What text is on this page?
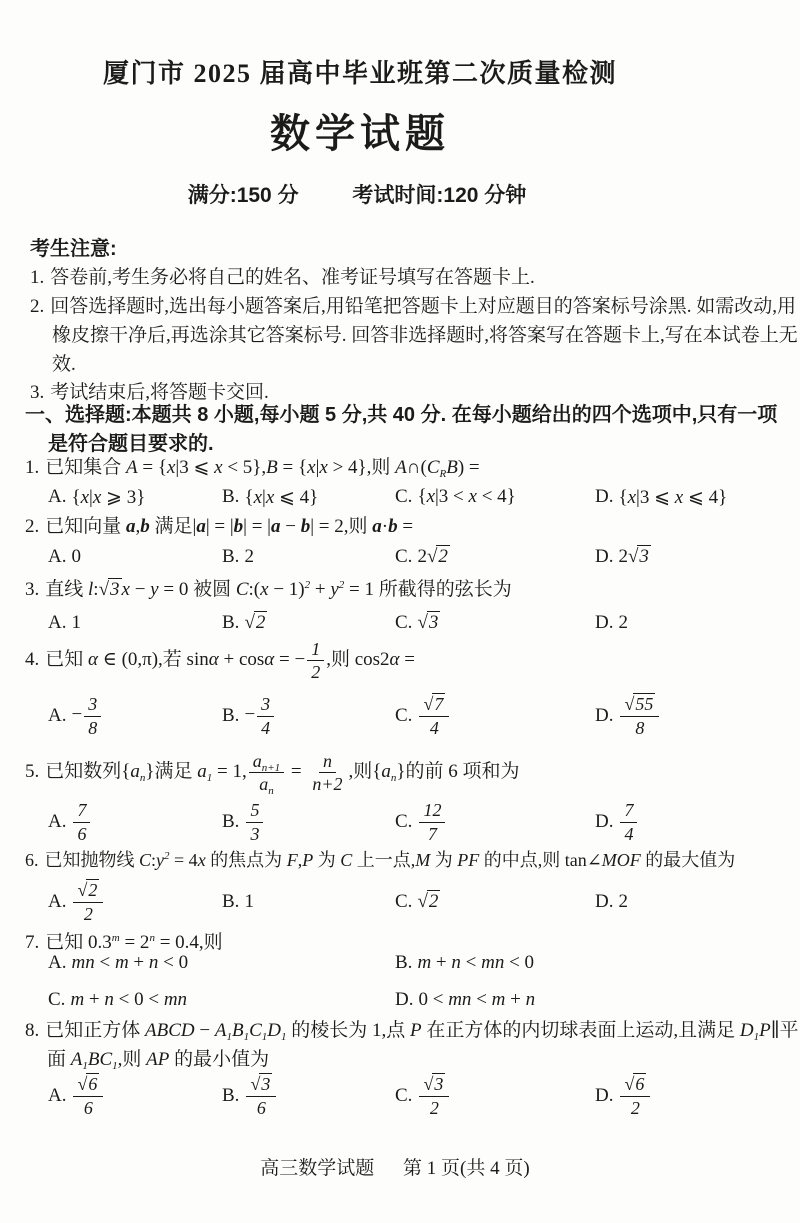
厦门市 2025 届高中毕业班第二次质量检测
数学试题
满分:150 分	考试时间:120 分钟
考生注意:
1. 答卷前,考生务必将自己的姓名、准考证号填写在答题卡上.
2. 回答选择题时,选出每小题答案后,用铅笔把答题卡上对应题目的答案标号涂黑. 如需改动,用橡皮擦干净后,再选涂其它答案标号. 回答非选择题时,将答案写在答题卡上,写在本试卷上无效.
3. 考试结束后,将答题卡交回.
一、选择题:本题共 8 小题,每小题 5 分,共 40 分. 在每小题给出的四个选项中,只有一项是符合题目要求的.
1. 已知集合 A = {x|3 ⩽ x < 5},B = {x|x > 4},则 $A\cap(C_RB)$ =
A. {x|x ⩾ 3}	B. {x|x ⩽ 4}	C. {x|3 < x < 4}	D. {x|3 ⩽ x ⩽ 4}
2. 已知向量 a,b 满足|a| = |b| = |a − b| = 2,则 a·b =
A. 0	B. 2	C. 2√ 2	D. 2√ 3
3. 直线 l:√ 3 x − y = 0 被圆 C:(x − $1)^2 + y^2 = 1$ 所截得的弦长为
A. 1	B. √ 2	C. √ 3	D. 2
4. 已知 α ∈ (0,π),若 sinα + cosα = − $\frac{1}{2}$ ,则 cos2α =
A. − $\frac{3}{8}$	B. − $\frac{3}{4}$	C. $\frac{√ 7}{4}$	D. $\frac{√ 55}{8}$
5. 已知数列$\{a_n\}$满足 $a_1 = 1$, $\frac{a_{n+1}}{a_n} = \frac{n}{n+2}$ ,则$\{a_n\}$的前 6 项和为
A. $\frac{7}{6}$	B. $\frac{5}{3}$	C. $\frac{12}{7}$	D. $\frac{7}{4}$
6. 已知抛物线 $C:y^2 = 4x$ 的焦点为 F,P 为 C 上一点,M 为 PF 的中点,则 tan∠MOF 的最大值为
A. $\frac{√ 2}{2}$	B. 1	C. √ 2	D. 2
7. 已知 $0.3^m = 2^n = 0.4$,则
A. mn < m + n < 0	B. m + n < mn < 0
C. m + n < 0 < mn	D. 0 < mn < m + n
8. 已知正方体 ABCD − $A_1B_1C_1D_1$ 的棱长为 1,点 P 在正方体的内切球表面上运动,且满足 $D_1P\parallel$平面 $A_1BC_1$,则 AP 的最小值为
A. $\frac{√ 6}{6}$	B. $\frac{√ 3}{6}$	C. $\frac{√ 3}{2}$	D. $\frac{√ 6}{2}$
高三数学试题 第 1 页(共 4 页)
